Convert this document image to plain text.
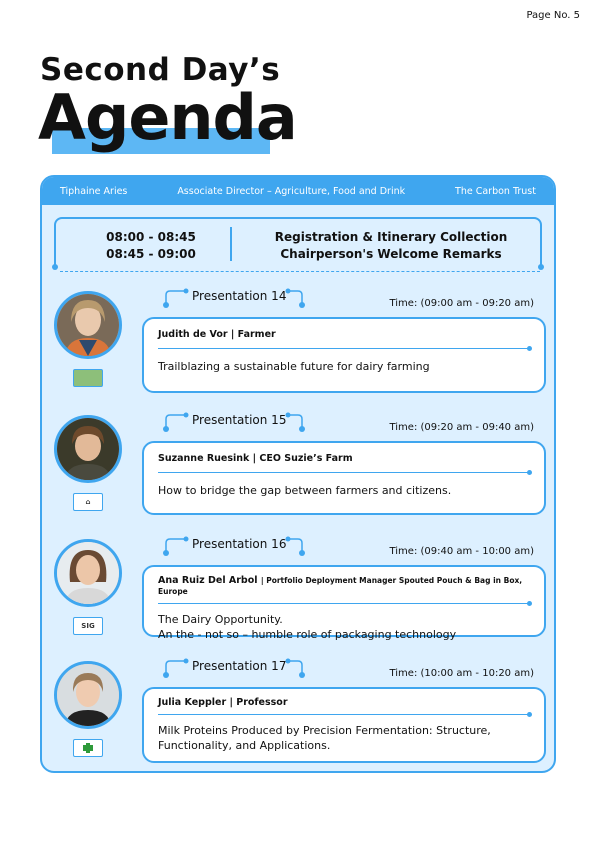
Page No. 5
Second Day’s
Agenda
Tiphaine Aries	Associate Director – Agriculture, Food and Drink	The Carbon Trust
08:00 - 08:45
08:45 - 09:00
Registration & Itinerary Collection
Chairperson's Welcome Remarks
Presentation 14
Time: (09:00 am - 09:20 am)
Judith de Vor | Farmer
Trailblazing a sustainable future for dairy farming
⌂
Presentation 15
Time: (09:20 am - 09:40 am)
Suzanne Ruesink | CEO Suzie’s Farm
How to bridge the gap between farmers and citizens.
SIG
Presentation 16
Time: (09:40 am - 10:00 am)
Ana Ruiz Del Arbol | Portfolio Deployment Manager Spouted Pouch & Bag in Box, Europe
The Dairy Opportunity.
An the - not so – humble role of packaging technology
Presentation 17
Time: (10:00 am - 10:20 am)
Julia Keppler | Professor
Milk Proteins Produced by Precision Fermentation: Structure,
Functionality, and Applications.
